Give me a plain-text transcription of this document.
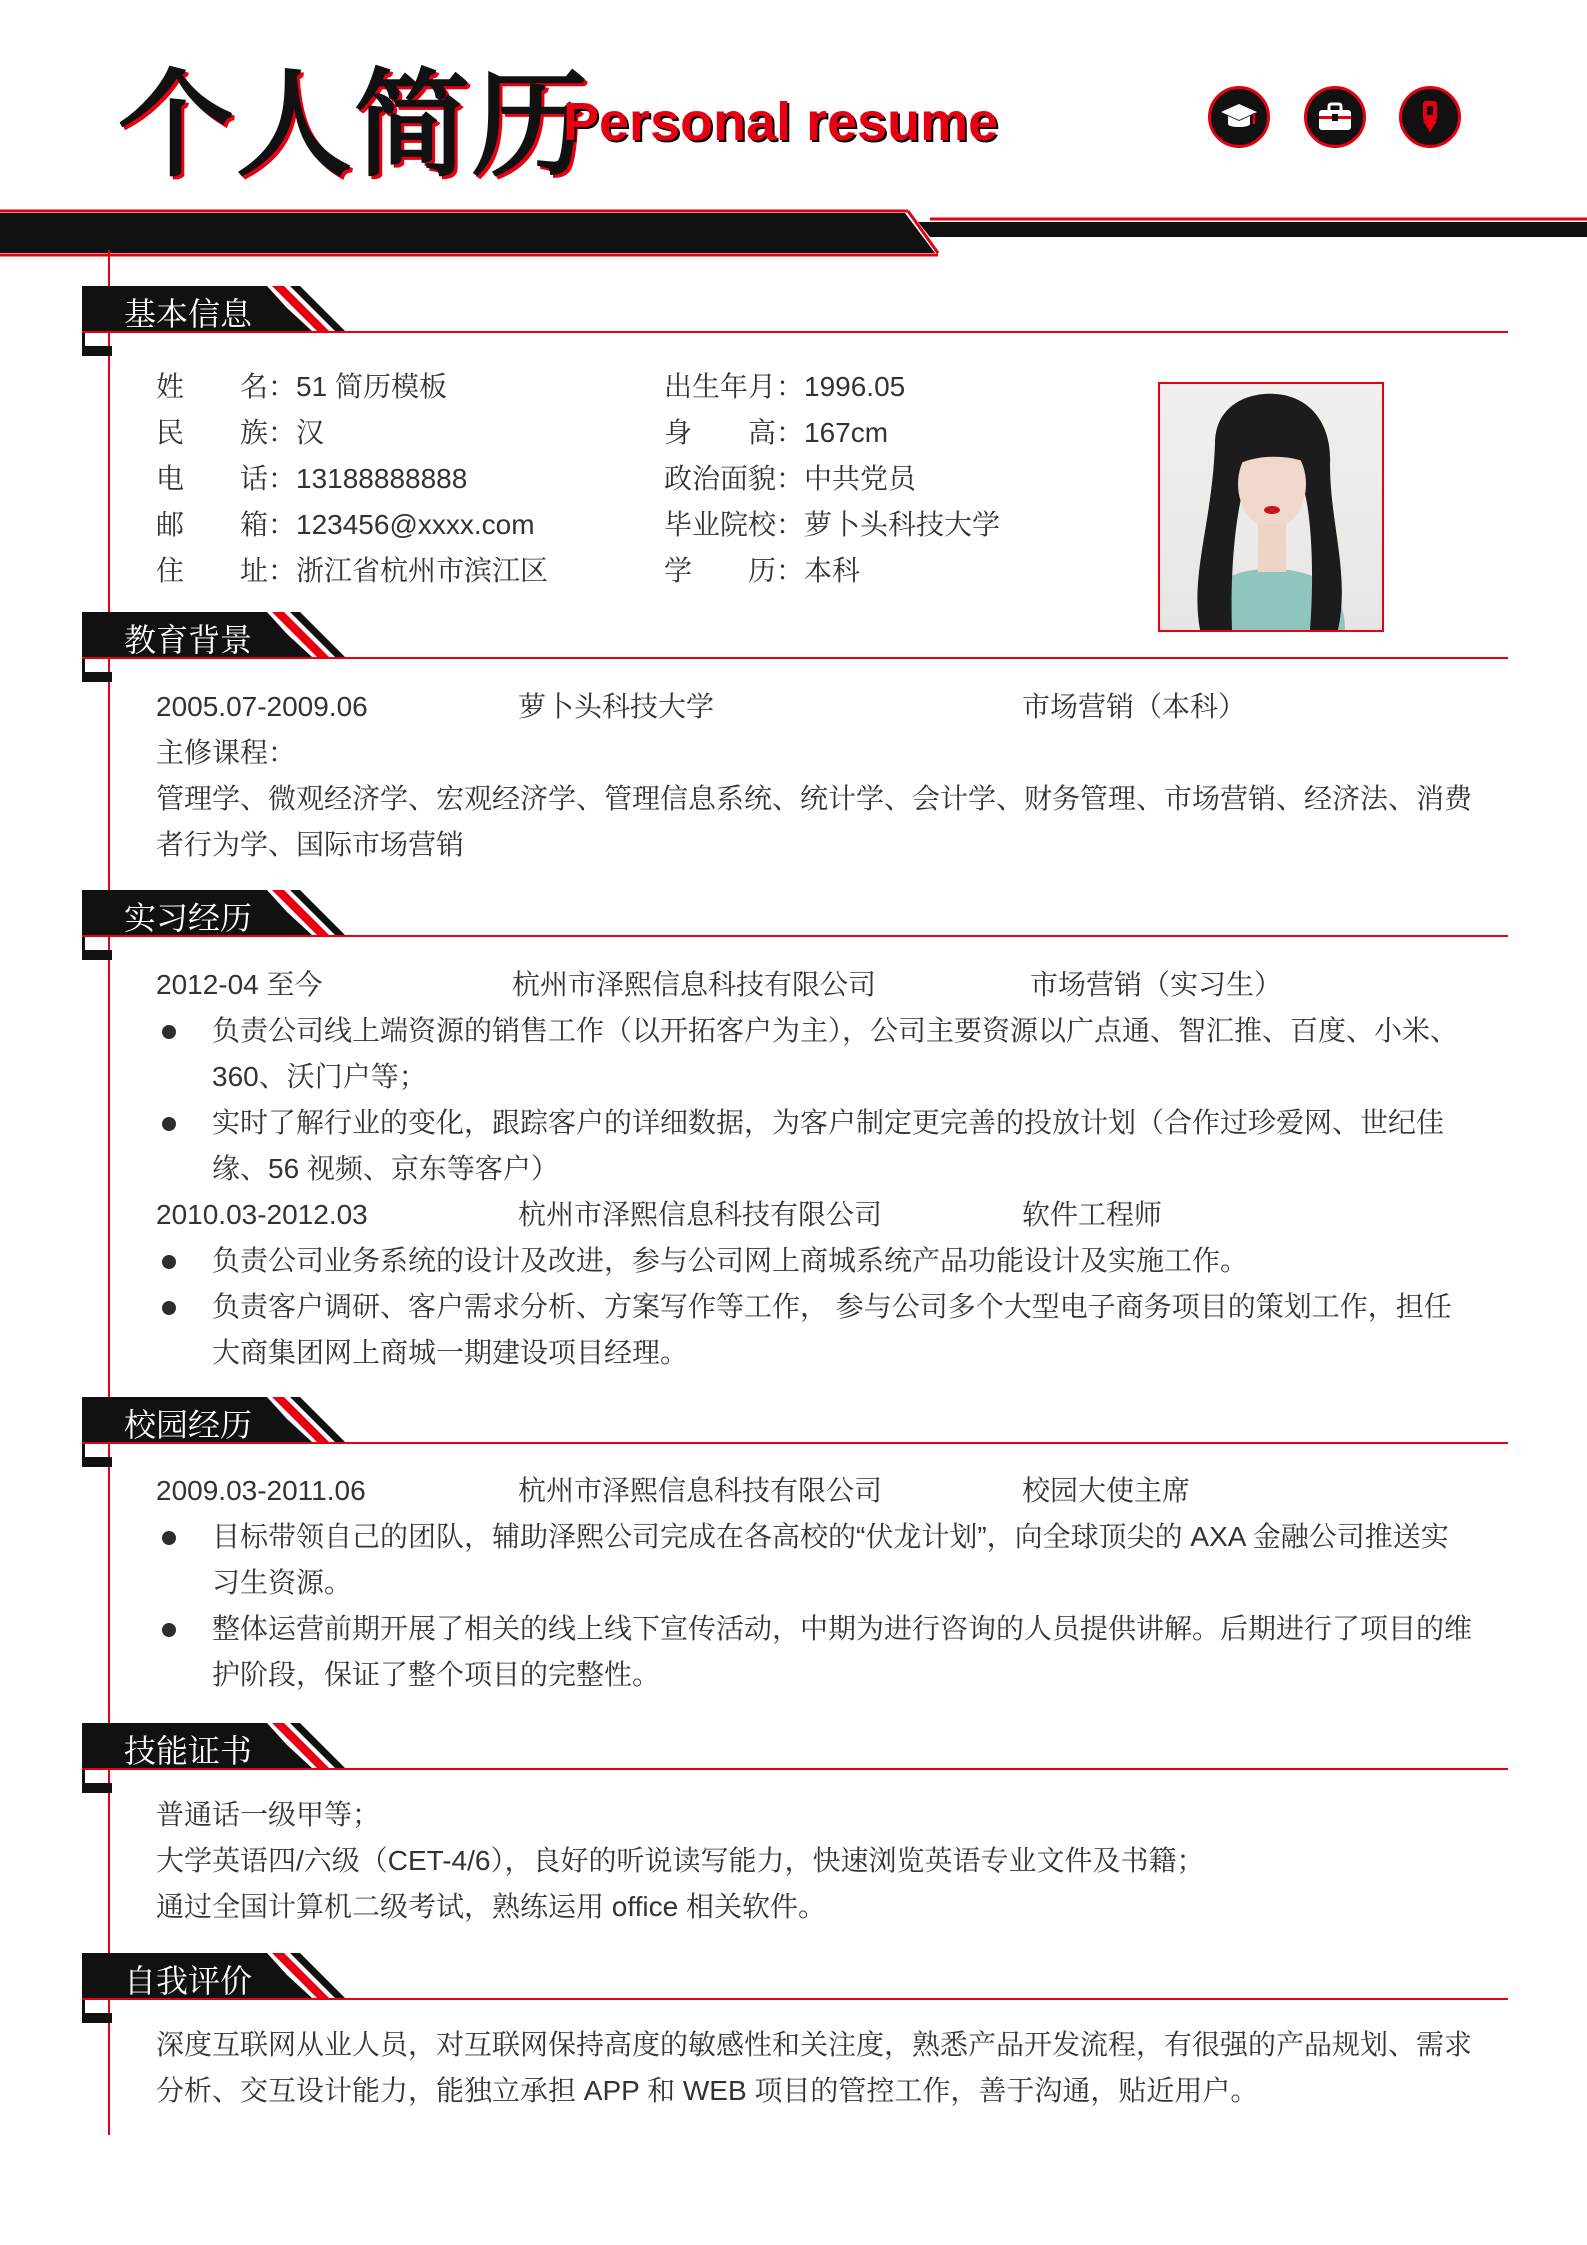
个人简历
Personal resume
基本信息
姓　　名：51 简历模板
民　　族：汉
电　　话：13188888888
邮　　箱：123456@xxxx.com
住　　址：浙江省杭州市滨江区
出生年月：1996.05
身　　高：167cm
政治面貌：中共党员
毕业院校：萝卜头科技大学
学　　历：本科
教育背景
2005.07-2009.06	萝卜头科技大学	市场营销（本科）
主修课程：
管理学、微观经济学、宏观经济学、管理信息系统、统计学、会计学、财务管理、市场营销、经济法、消费者行为学、国际市场营销
实习经历
2012-04 至今	杭州市泽熙信息科技有限公司	市场营销（实习生）
负责公司线上端资源的销售工作（以开拓客户为主），公司主要资源以广点通、智汇推、百度、小米、360、沃门户等；
实时了解行业的变化，跟踪客户的详细数据，为客户制定更完善的投放计划（合作过珍爱网、世纪佳缘、56 视频、京东等客户）
2010.03-2012.03	杭州市泽熙信息科技有限公司	软件工程师
负责公司业务系统的设计及改进，参与公司网上商城系统产品功能设计及实施工作。
负责客户调研、客户需求分析、方案写作等工作， 参与公司多个大型电子商务项目的策划工作，担任大商集团网上商城一期建设项目经理。
校园经历
2009.03-2011.06	杭州市泽熙信息科技有限公司	校园大使主席
目标带领自己的团队，辅助泽熙公司完成在各高校的“伏龙计划”，向全球顶尖的 AXA 金融公司推送实习生资源。
整体运营前期开展了相关的线上线下宣传活动，中期为进行咨询的人员提供讲解。后期进行了项目的维护阶段，保证了整个项目的完整性。
技能证书
普通话一级甲等；
大学英语四/六级（CET-4/6），良好的听说读写能力，快速浏览英语专业文件及书籍；
通过全国计算机二级考试，熟练运用 office 相关软件。
自我评价
深度互联网从业人员，对互联网保持高度的敏感性和关注度，熟悉产品开发流程，有很强的产品规划、需求分析、交互设计能力，能独立承担 APP 和 WEB 项目的管控工作，善于沟通，贴近用户。
